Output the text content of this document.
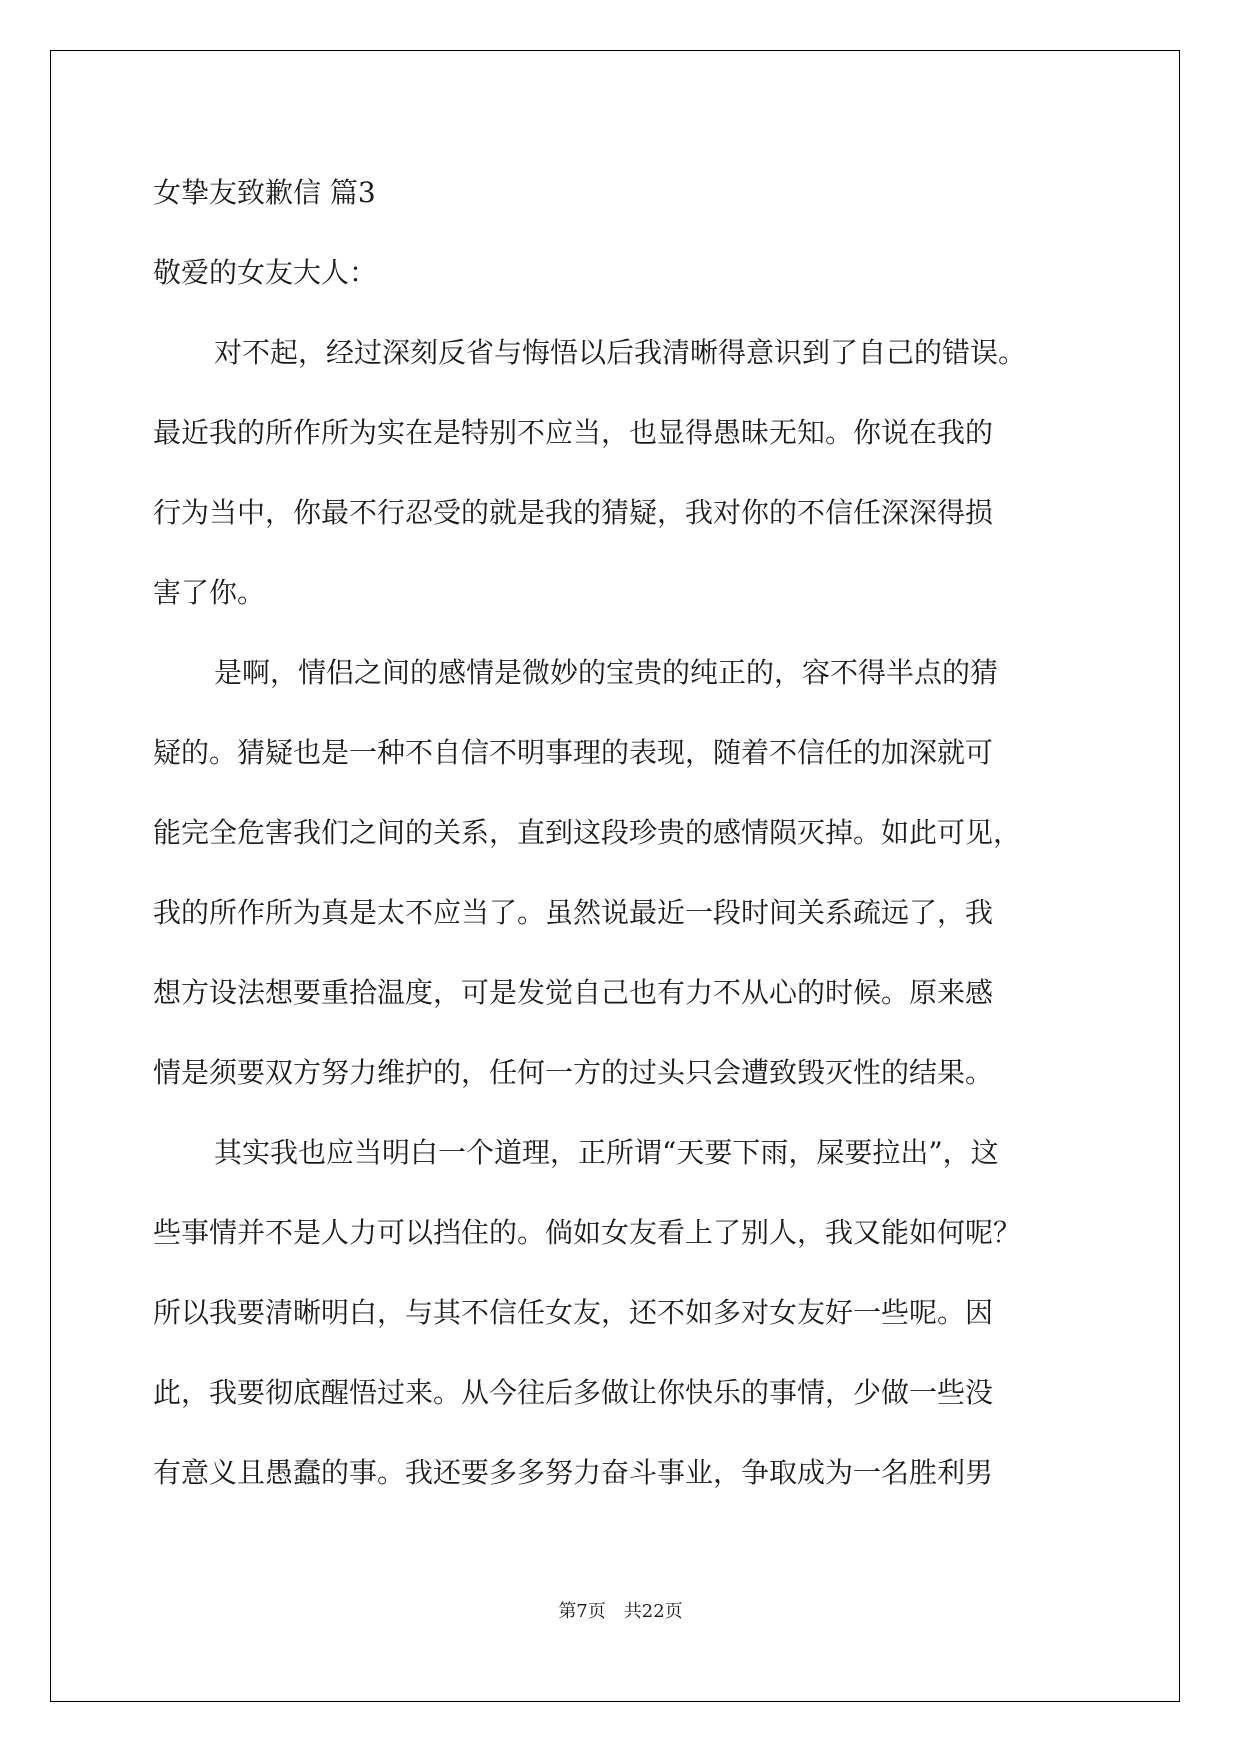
女挚友致歉信 篇3

敬爱的女友大人：

对不起，经过深刻反省与悔悟以后我清晰得意识到了自己的错误。

最近我的所作所为实在是特别不应当，也显得愚昧无知。你说在我的

行为当中，你最不行忍受的就是我的猜疑，我对你的不信任深深得损

害了你。

是啊，情侣之间的感情是微妙的宝贵的纯正的，容不得半点的猜

疑的。猜疑也是一种不自信不明事理的表现，随着不信任的加深就可

能完全危害我们之间的关系，直到这段珍贵的感情陨灭掉。如此可见，

我的所作所为真是太不应当了。虽然说最近一段时间关系疏远了，我

想方设法想要重拾温度，可是发觉自己也有力不从心的时候。原来感

情是须要双方努力维护的，任何一方的过头只会遭致毁灭性的结果。

其实我也应当明白一个道理，正所谓“天要下雨，屎要拉出”，这

些事情并不是人力可以挡住的。倘如女友看上了别人，我又能如何呢？

所以我要清晰明白，与其不信任女友，还不如多对女友好一些呢。因

此，我要彻底醒悟过来。从今往后多做让你快乐的事情，少做一些没

有意义且愚蠢的事。我还要多多努力奋斗事业，争取成为一名胜利男

第7页　共22页
